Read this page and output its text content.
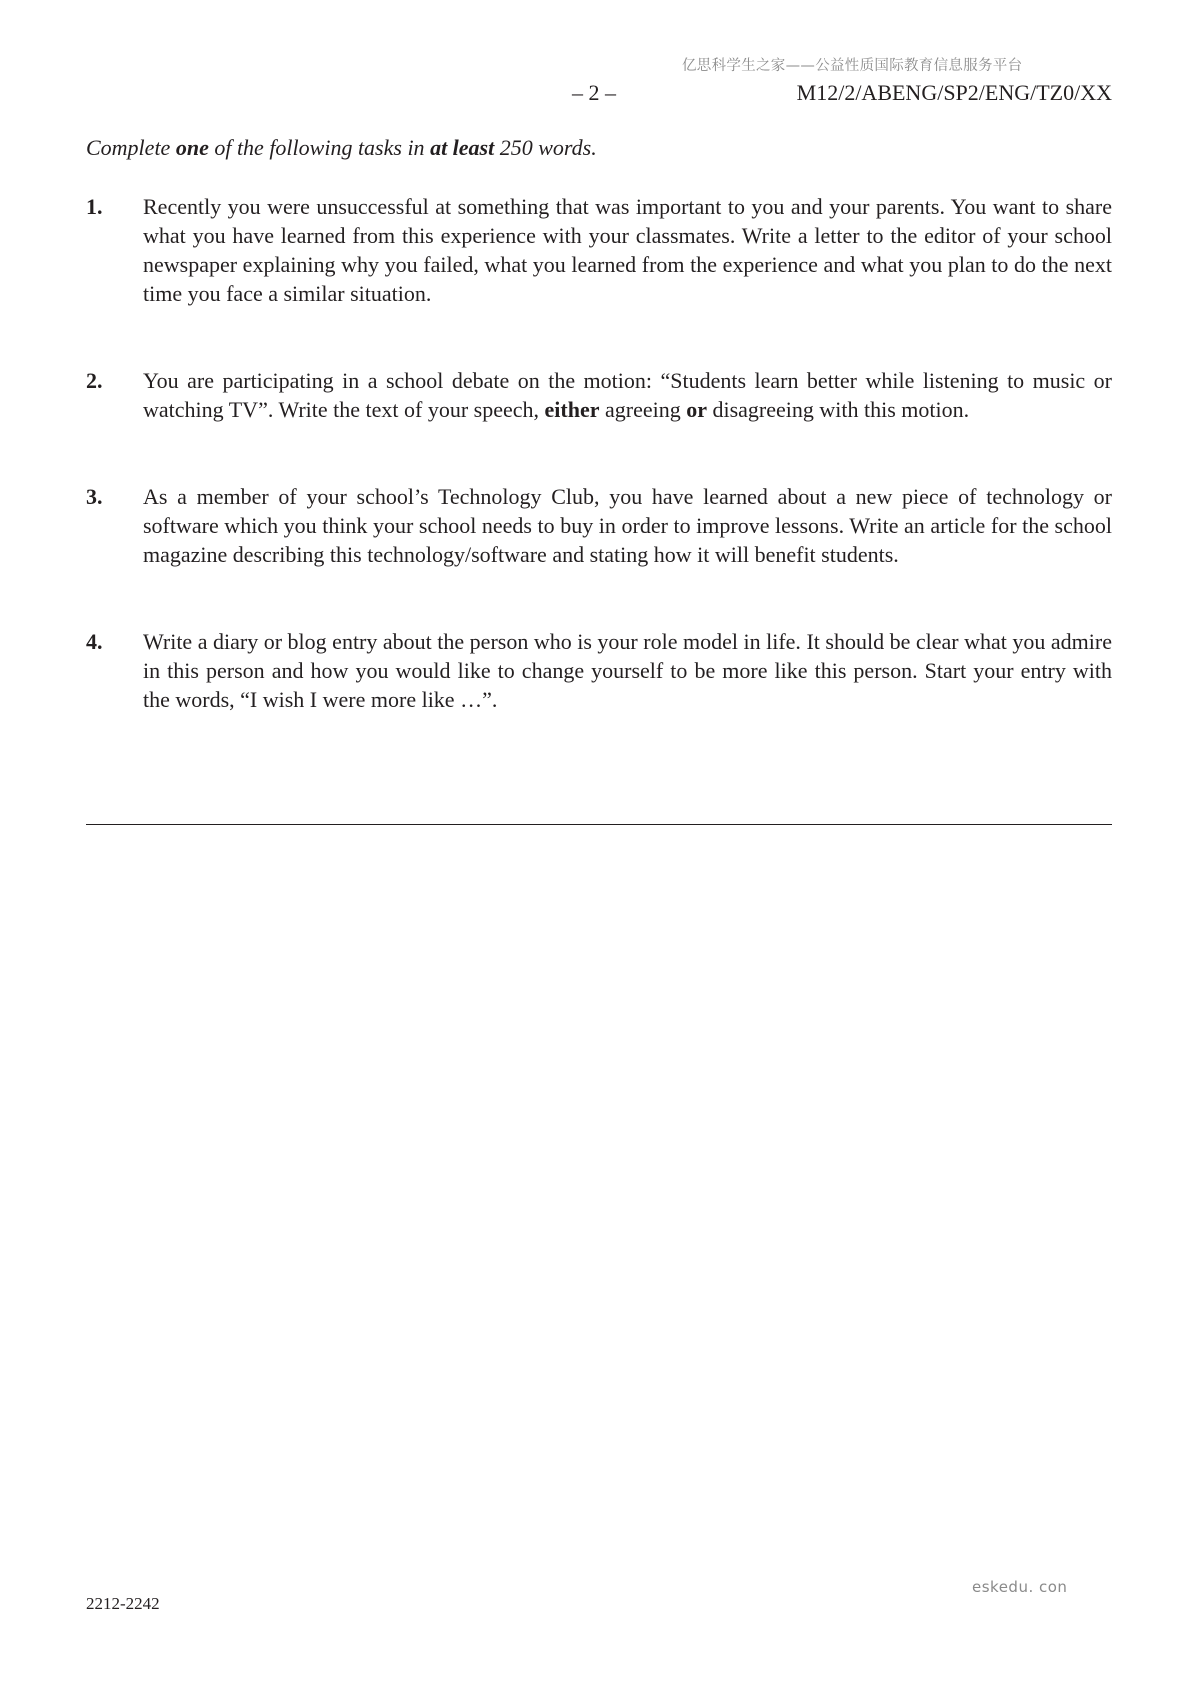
亿思科学生之家——公益性质国际教育信息服务平台
– 2 –	M12/2/ABENG/SP2/ENG/TZ0/XX
Complete one of the following tasks in at least 250 words.
1. Recently you were unsuccessful at something that was important to you and your parents. You want to share what you have learned from this experience with your classmates. Write a letter to the editor of your school newspaper explaining why you failed, what you learned from the experience and what you plan to do the next time you face a similar situation.
2. You are participating in a school debate on the motion: “Students learn better while listening to music or watching TV”. Write the text of your speech, either agreeing or disagreeing with this motion.
3. As a member of your school’s Technology Club, you have learned about a new piece of technology or software which you think your school needs to buy in order to improve lessons. Write an article for the school magazine describing this technology/software and stating how it will benefit students.
4. Write a diary or blog entry about the person who is your role model in life. It should be clear what you admire in this person and how you would like to change yourself to be more like this person. Start your entry with the words, “I wish I were more like …”.
2212-2242
eskedu. con
